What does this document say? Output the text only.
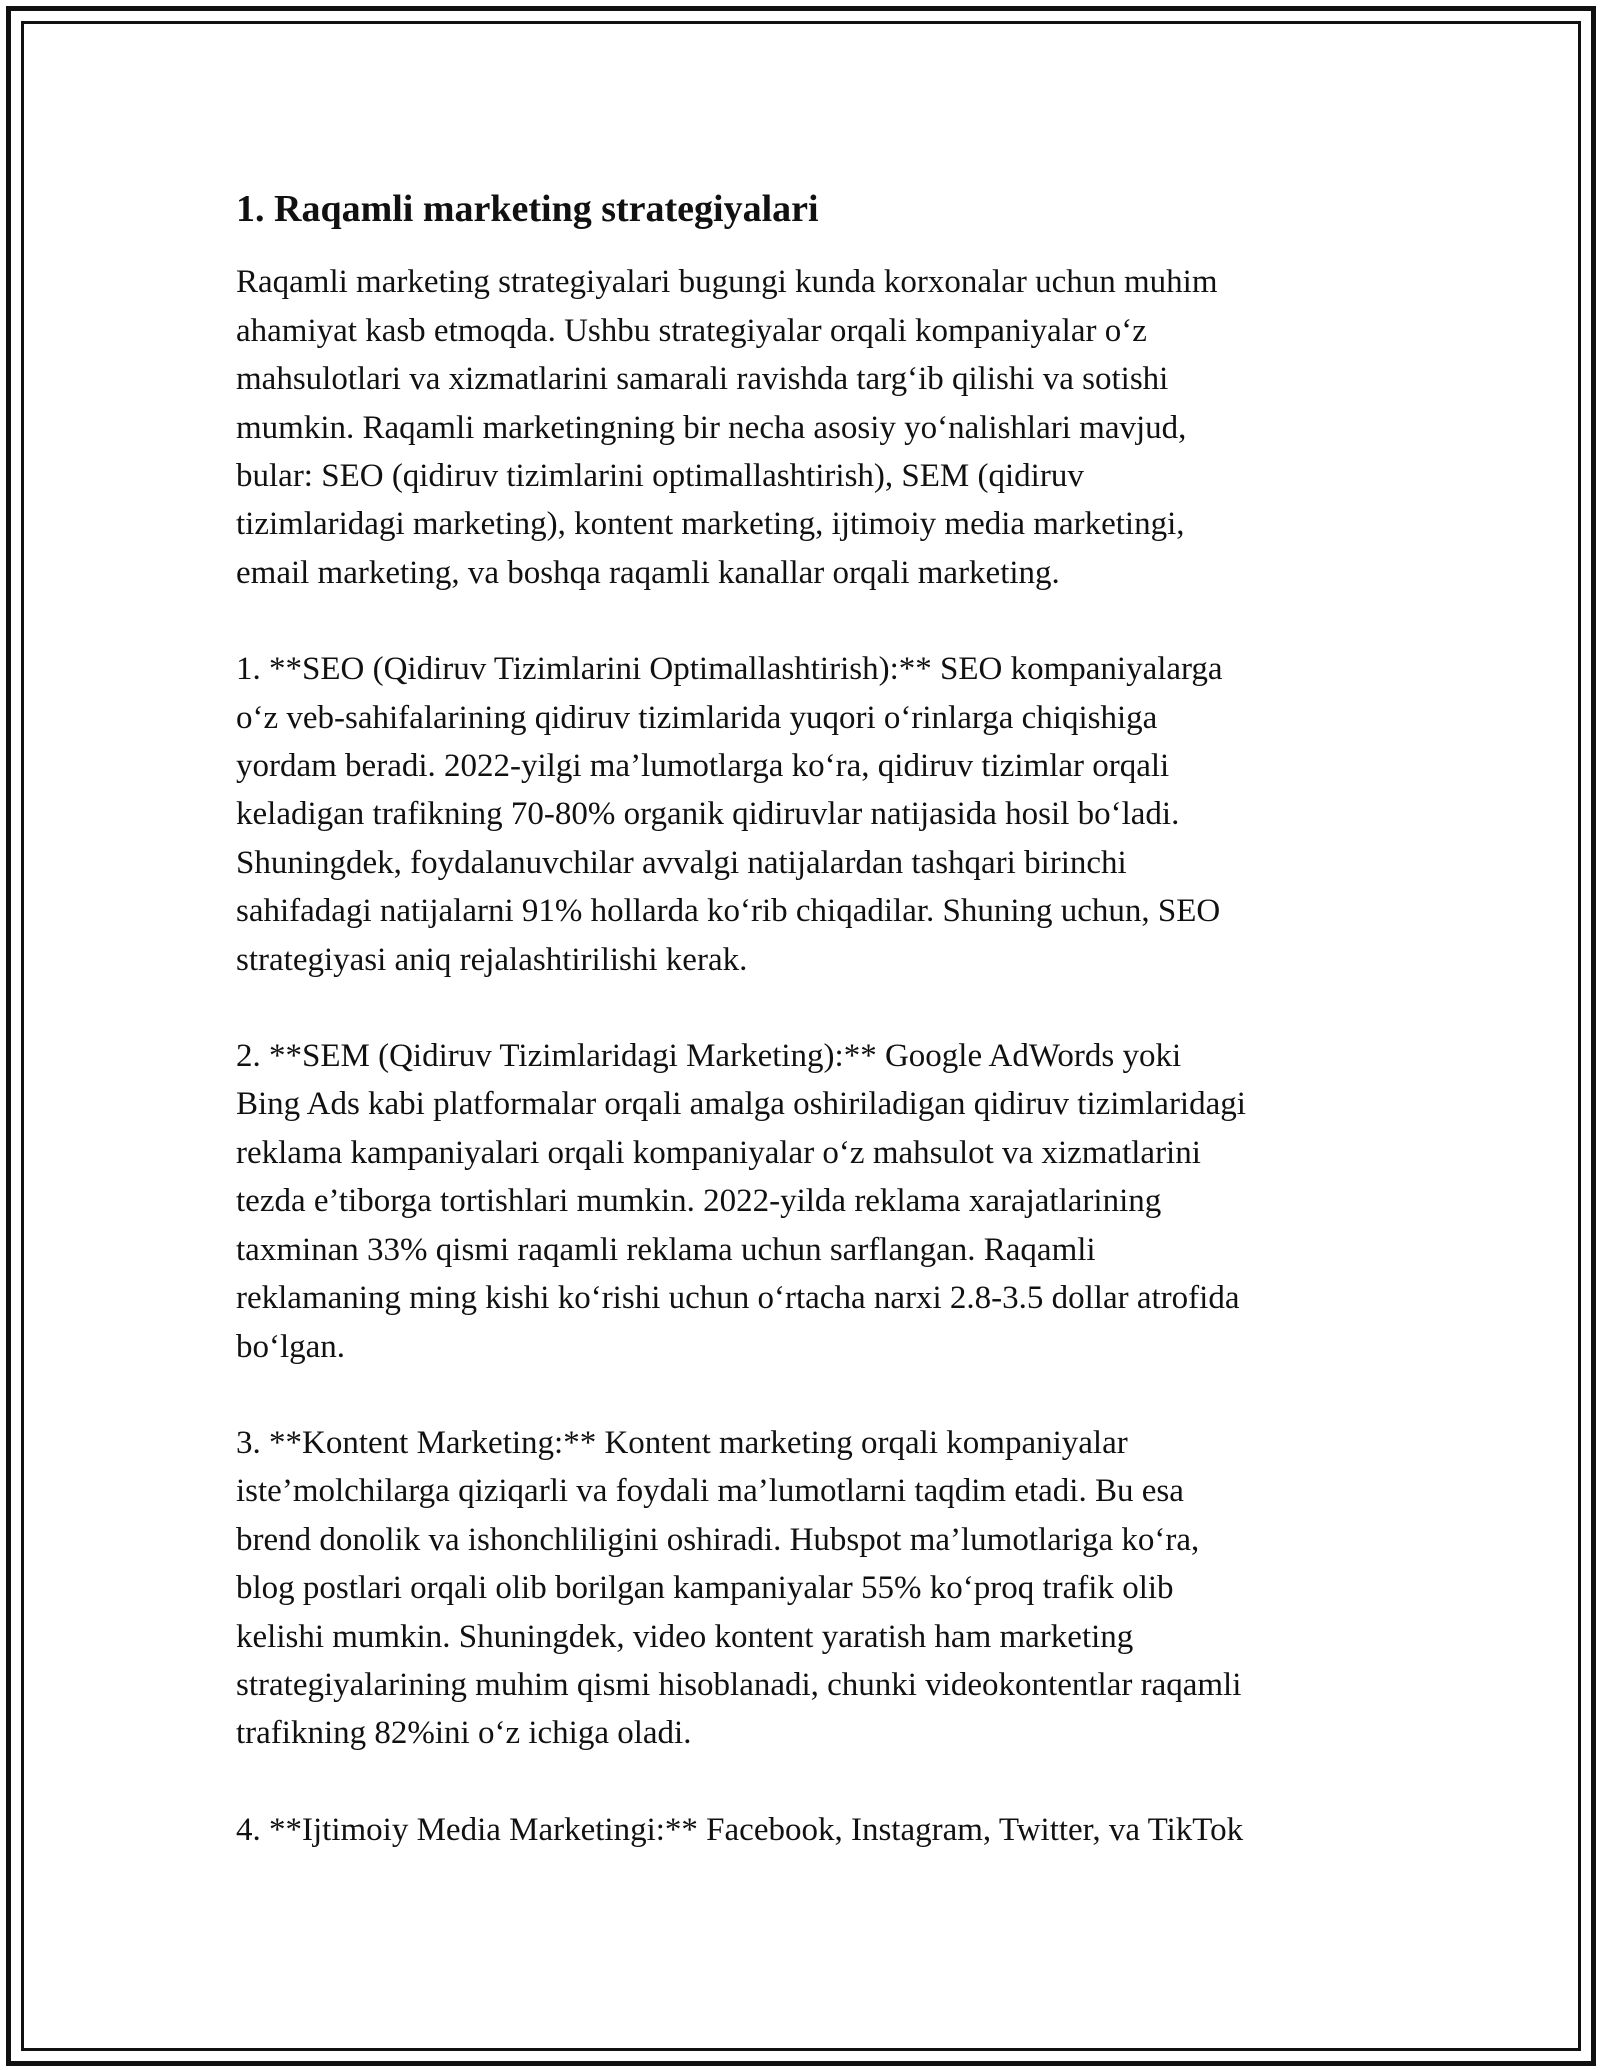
1. Raqamli marketing strategiyalari

Raqamli marketing strategiyalari bugungi kunda korxonalar uchun muhim
ahamiyat kasb etmoqda. Ushbu strategiyalar orqali kompaniyalar o‘z
mahsulotlari va xizmatlarini samarali ravishda targ‘ib qilishi va sotishi
mumkin. Raqamli marketingning bir necha asosiy yo‘nalishlari mavjud,
bular: SEO (qidiruv tizimlarini optimallashtirish), SEM (qidiruv
tizimlaridagi marketing), kontent marketing, ijtimoiy media marketingi,
email marketing, va boshqa raqamli kanallar orqali marketing.

1. **SEO (Qidiruv Tizimlarini Optimallashtirish):** SEO kompaniyalarga
o‘z veb-sahifalarining qidiruv tizimlarida yuqori o‘rinlarga chiqishiga
yordam beradi. 2022-yilgi ma’lumotlarga ko‘ra, qidiruv tizimlar orqali
keladigan trafikning 70-80% organik qidiruvlar natijasida hosil bo‘ladi.
Shuningdek, foydalanuvchilar avvalgi natijalardan tashqari birinchi
sahifadagi natijalarni 91% hollarda ko‘rib chiqadilar. Shuning uchun, SEO
strategiyasi aniq rejalashtirilishi kerak.

2. **SEM (Qidiruv Tizimlaridagi Marketing):** Google AdWords yoki
Bing Ads kabi platformalar orqali amalga oshiriladigan qidiruv tizimlaridagi
reklama kampaniyalari orqali kompaniyalar o‘z mahsulot va xizmatlarini
tezda e’tiborga tortishlari mumkin. 2022-yilda reklama xarajatlarining
taxminan 33% qismi raqamli reklama uchun sarflangan. Raqamli
reklamaning ming kishi ko‘rishi uchun o‘rtacha narxi 2.8-3.5 dollar atrofida
bo‘lgan.

3. **Kontent Marketing:** Kontent marketing orqali kompaniyalar
iste’molchilarga qiziqarli va foydali ma’lumotlarni taqdim etadi. Bu esa
brend donolik va ishonchliligini oshiradi. Hubspot ma’lumotlariga ko‘ra,
blog postlari orqali olib borilgan kampaniyalar 55% ko‘proq trafik olib
kelishi mumkin. Shuningdek, video kontent yaratish ham marketing
strategiyalarining muhim qismi hisoblanadi, chunki videokontentlar raqamli
trafikning 82%ini o‘z ichiga oladi.

4. **Ijtimoiy Media Marketingi:** Facebook, Instagram, Twitter, va TikTok
